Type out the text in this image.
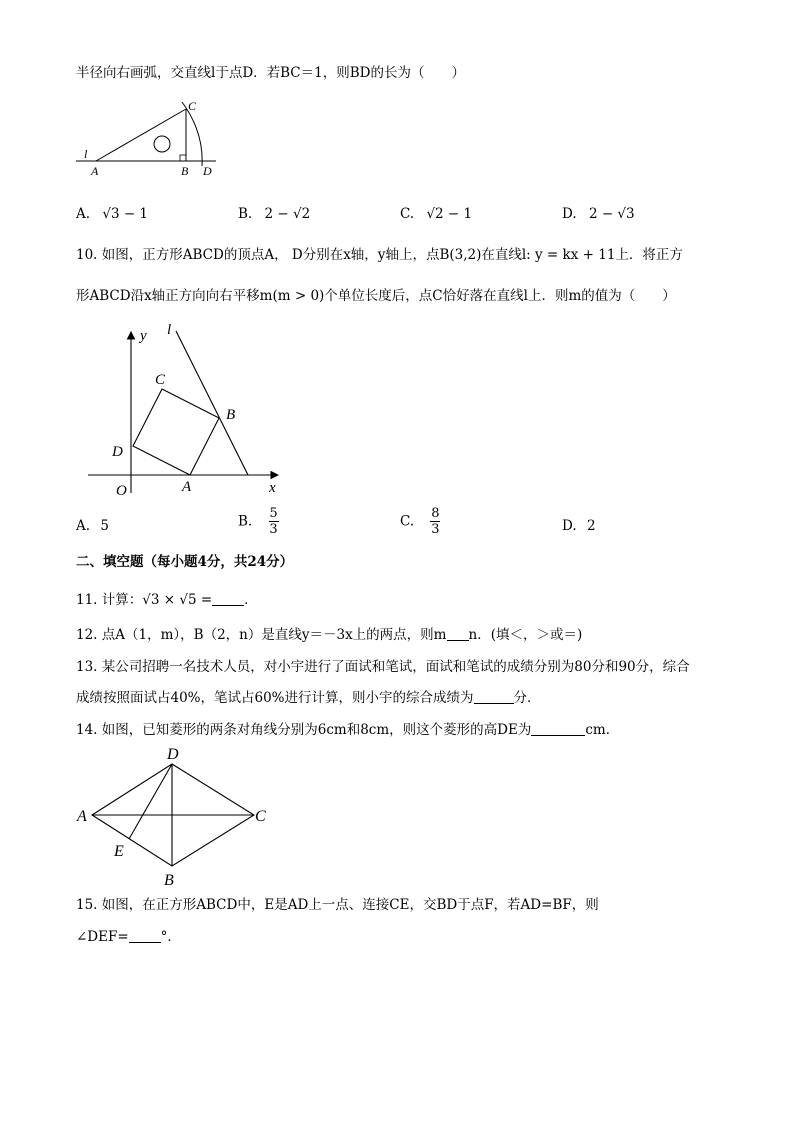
半径向右画弧，交直线l于点D．若BC＝1，则BD的长为（　　）
l
A	B D
C
A. √3 − 1	B. 2 − √2	C. √2 − 1	D. 2 − √3
10. 如图，正方形ABCD的顶点A， D分别在x轴，y轴上，点B(3,2)在直线l: y = kx + 11上．将正方
形ABCD沿x轴正方向向右平移m(m > 0)个单位长度后，点C恰好落在直线l上．则m的值为（　　）
y l
C
B
D
O	A	x
A. 5	B. $\frac{5}{3}$	C. $\frac{8}{3}$	D. 2
二、填空题（每小题4分，共24分）
11. 计算：√3 × √5 = ．
12. 点A（1，m），B（2，n）是直线y＝－3x上的两点，则m n．(填＜，＞或＝)
13. 某公司招聘一名技术人员，对小宇进行了面试和笔试，面试和笔试的成绩分别为80分和90分，综合
成绩按照面试占40%，笔试占60%进行计算，则小宇的综合成绩为	分．
14. 如图，已知菱形的两条对角线分别为6cm和8cm，则这个菱形的高DE为	cm．
D
A	C
E
B
15. 如图，在正方形ABCD中，E是AD上一点、连接CE，交BD于点F，若AD=BF，则
∠DEF= °．
